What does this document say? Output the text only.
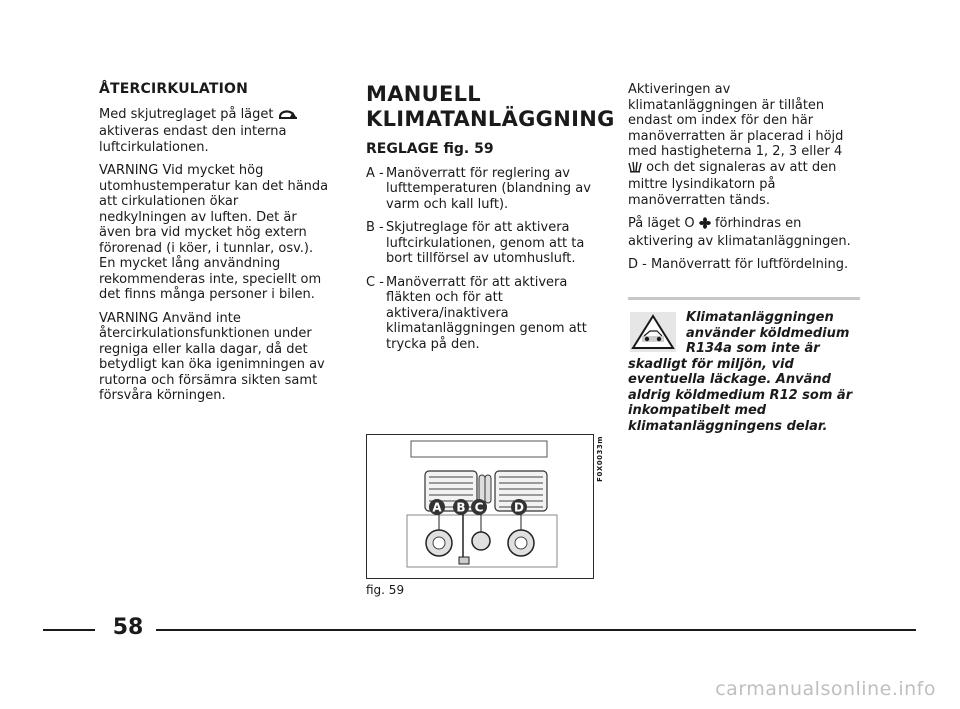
ÅTERCIRKULATION

Med skjutreglaget på läget  aktiveras endast den interna luftcirkulationen.

VARNING Vid mycket hög utomhustemperatur kan det hända att cirkulationen ökar nedkylningen av luften. Det är även bra vid mycket hög extern förorenad (i köer, i tunnlar, osv.). En mycket lång användning rekommenderas inte, speciellt om det finns många personer i bilen.

VARNING Använd inte återcirkulationsfunktionen under regniga eller kalla dagar, då det betydligt kan öka igenimningen av rutorna och försämra sikten samt försvåra körningen.

MANUELL KLIMATANLÄGGNING

REGLAGE fig. 59

A - Manöverratt för reglering av lufttemperaturen (blandning av varm och kall luft).
B - Skjutreglage för att aktivera luftcirkulationen, genom att ta bort tillförsel av utomhusluft.
C - Manöverratt för att aktivera fläkten och för att aktivera/inaktivera klimatanläggningen genom att trycka på den.

Aktiveringen av klimatanläggningen är tillåten endast om index för den här manöverratten är placerad i höjd med hastigheterna 1, 2, 3 eller 4  och det signaleras av att den mittre lysindikatorn på manöverratten tänds.

På läget O förhindras en aktivering av klimatanläggningen.

D - Manöverratt för luftfördelning.

Klimatanläggningen använder köldmedium R134a som inte är skadligt för miljön, vid eventuella läckage. Använd aldrig köldmedium R12 som är inkompatibelt med klimatanläggningens delar.
A B C	D
F0X0033m
fig. 59
58
carmanualsonline.info
